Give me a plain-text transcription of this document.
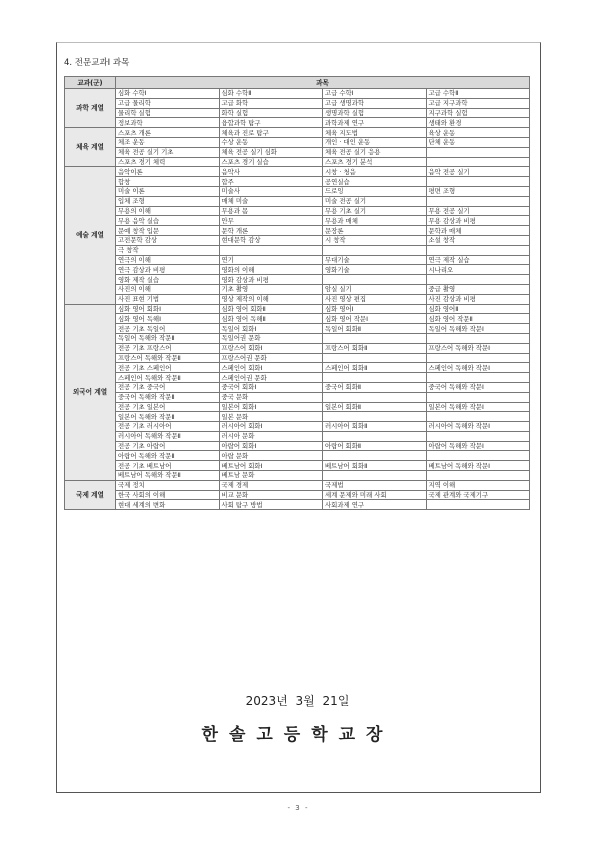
4. 전문교과Ⅰ 과목
교과(군)	과목			
과학 계열	심화 수학Ⅰ	심화 수학Ⅱ	고급 수학Ⅰ	고급 수학Ⅱ
	고급 물리학	고급 화학	고급 생명과학	고급 지구과학
	물리학 실험	화학 실험	생명과학 실험	지구과학 실험
	정보과학	융합과학 탐구	과학과제 연구	생태와 환경
체육 계열	스포츠 개론	체육과 진로 탐구	체육 지도법	육상 운동
	체조 운동	수상 운동	개인 · 대인 운동	단체 운동
	체육 전공 실기 기초	체육 전공 실기 심화	체육 전공 실기 응용	
	스포츠 경기 체력	스포츠 경기 실습	스포츠 경기 분석	
예술 계열	음악이론	음악사	시창 · 청음	음악 전공 실기
	합창	합주	공연실습	
	미술 이론	미술사	드로잉	평면 조형
	입체 조형	매체 미술	미술 전공 실기	
	무용의 이해	무용과 몸	무용 기초 실기	무용 전공 실기
	무용 음악 실습	안무	무용과 매체	무용 감상과 비평
	문예 창작 입문	문학 개론	문장론	문학과 매체
	고전문학 감상	현대문학 감상	시 창작	소설 창작
	극 창작			
	연극의 이해	연기	무대기술	연극 제작 실습
	연극 감상과 비평	영화의 이해	영화기술	시나리오
	영화 제작 실습	영화 감상과 비평		
	사진의 이해	기초 촬영	암실 실기	중급 촬영
	사진 표현 기법	영상 제작의 이해	사진 영상 편집	사진 감상과 비평
외국어 계열	심화 영어 회화Ⅰ	심화 영어 회화Ⅱ	심화 영어Ⅰ	심화 영어Ⅱ
	심화 영어 독해Ⅰ	심화 영어 독해Ⅱ	심화 영어 작문Ⅰ	심화 영어 작문Ⅱ
	전공 기초 독일어	독일어 회화Ⅰ	독일어 회화Ⅱ	독일어 독해와 작문Ⅰ
	독일어 독해와 작문Ⅱ	독일어권 문화		
	전공 기초 프랑스어	프랑스어 회화Ⅰ	프랑스어 회화Ⅱ	프랑스어 독해와 작문Ⅰ
	프랑스어 독해와 작문Ⅱ	프랑스어권 문화		
	전공 기초 스페인어	스페인어 회화Ⅰ	스페인어 회화Ⅱ	스페인어 독해와 작문Ⅰ
	스페인어 독해와 작문Ⅱ	스페인어권 문화		
	전공 기초 중국어	중국어 회화Ⅰ	중국어 회화Ⅱ	중국어 독해와 작문Ⅰ
	중국어 독해와 작문Ⅱ	중국 문화		
	전공 기초 일본어	일본어 회화Ⅰ	일본어 회화Ⅱ	일본어 독해와 작문Ⅰ
	일본어 독해와 작문Ⅱ	일본 문화		
	전공 기초 러시아어	러시아어 회화Ⅰ	러시아어 회화Ⅱ	러시아어 독해와 작문Ⅰ
	러시아어 독해와 작문Ⅱ	러시아 문화		
	전공 기초 아랍어	아랍어 회화Ⅰ	아랍어 회화Ⅱ	아랍어 독해와 작문Ⅰ
	아랍어 독해와 작문Ⅱ	아랍 문화		
	전공 기초 베트남어	베트남어 회화Ⅰ	베트남어 회화Ⅱ	베트남어 독해와 작문Ⅰ
	베트남어 독해와 작문Ⅱ	베트남 문화		
국제 계열	국제 정치	국제 경제	국제법	지역 이해
	한국 사회의 이해	비교 문화	세계 문제와 미래 사회	국제 관계와 국제기구
	현대 세계의 변화	사회 탐구 방법	사회과제 연구	
2023년 3월 21일
한솔고등학교장
- 3 -
